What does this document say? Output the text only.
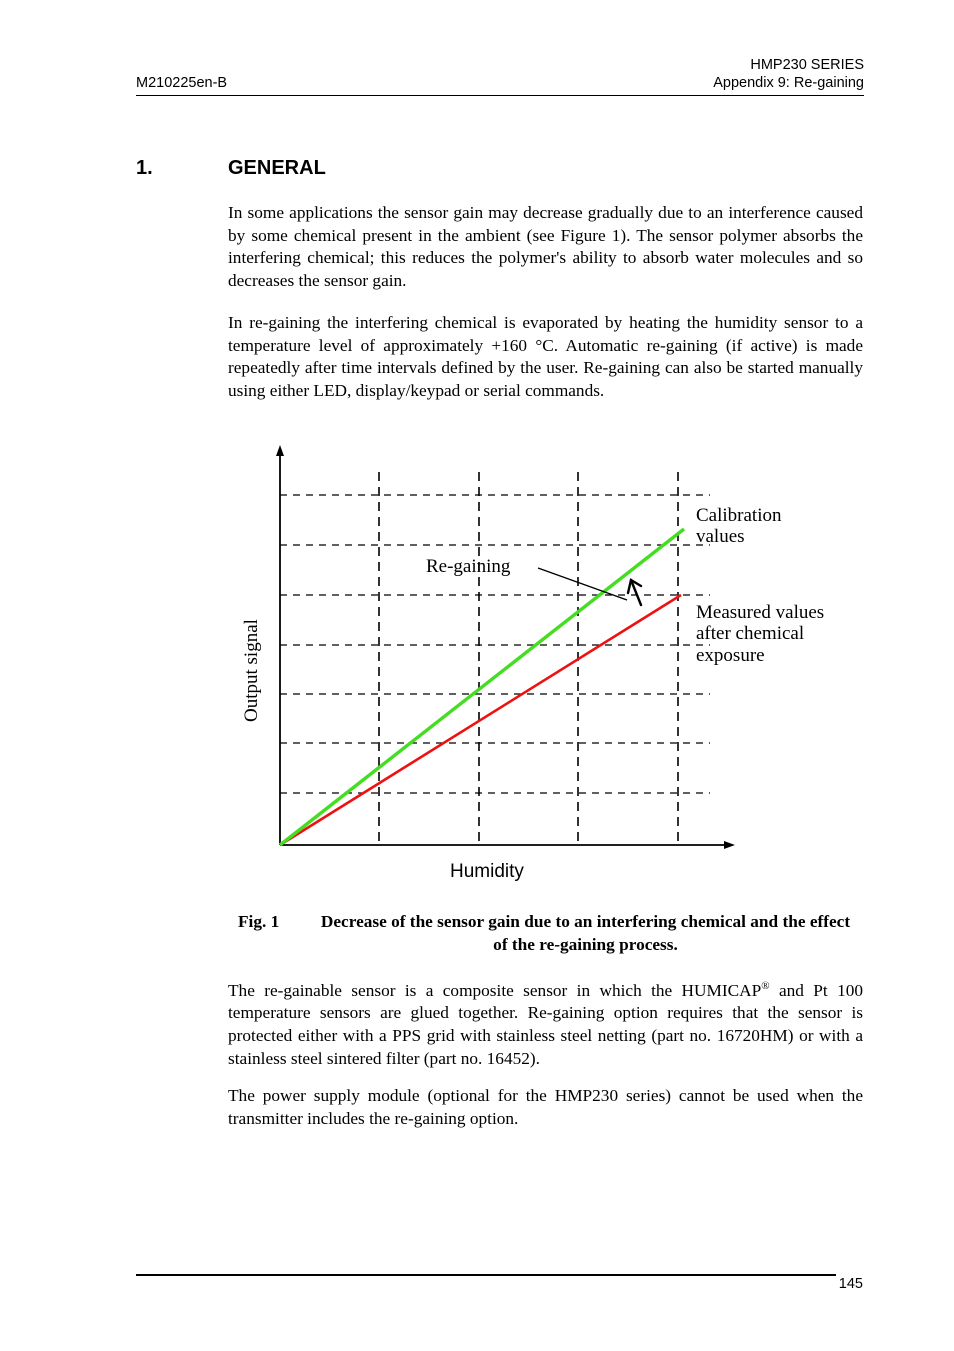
HMP230 SERIES
Appendix 9: Re-gaining
M210225en-B
1.	GENERAL
In some applications the sensor gain may decrease gradually due to an interference caused by some chemical present in the ambient (see Figure 1). The sensor polymer absorbs the interfering chemical; this reduces the polymer's ability to absorb water molecules and so decreases the sensor gain.
In re-gaining the interfering chemical is evaporated by heating the humidity sensor to a temperature level of approximately +160 °C. Automatic re-gaining (if active) is made repeatedly after time intervals defined by the user. Re-gaining can also be started manually using either LED, display/keypad or serial commands.
Calibration
values
Re-gaining
Measured values
after chemical
exposure
Output signal
Humidity
Fig. 1 Decrease of the sensor gain due to an interfering chemical and the effect of the re-gaining process.
The re-gainable sensor is a composite sensor in which the HUMICAP® and Pt 100 temperature sensors are glued together. Re-gaining option requires that the sensor is protected either with a PPS grid with stainless steel netting (part no. 16720HM) or with a stainless steel sintered filter (part no. 16452).
The power supply module (optional for the HMP230 series) cannot be used when the transmitter includes the re-gaining option.
145
